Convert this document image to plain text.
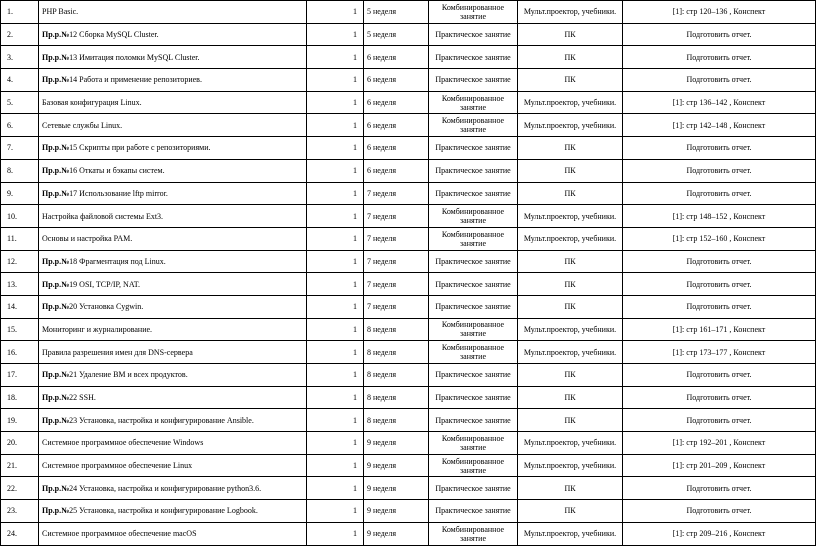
1.	PHP Basic.	1	5 неделя	Комбинированное занятие	Мульт.проектор, учебники.	[1]: стр 120–136 , Конспект
2.	Пр.р.№12 Сборка MySQL Cluster.	1	5 неделя	Практическое занятие	ПК	Подготовить отчет.
3.	Пр.р.№13 Имитация поломки MySQL Cluster.	1	6 неделя	Практическое занятие	ПК	Подготовить отчет.
4.	Пр.р.№14 Работа и применение репозиториев.	1	6 неделя	Практическое занятие	ПК	Подготовить отчет.
5.	Базовая конфигурация Linux.	1	6 неделя	Комбинированное занятие	Мульт.проектор, учебники.	[1]: стр 136–142 , Конспект
6.	Сетевые службы Linux.	1	6 неделя	Комбинированное занятие	Мульт.проектор, учебники.	[1]: стр 142–148 , Конспект
7.	Пр.р.№15 Скрипты при работе с репозиториями.	1	6 неделя	Практическое занятие	ПК	Подготовить отчет.
8.	Пр.р.№16 Откаты и бэкапы систем.	1	6 неделя	Практическое занятие	ПК	Подготовить отчет.
9.	Пр.р.№17 Использование lftp mirror.	1	7 неделя	Практическое занятие	ПК	Подготовить отчет.
10.	Настройка файловой системы Ext3.	1	7 неделя	Комбинированное занятие	Мульт.проектор, учебники.	[1]: стр 148–152 , Конспект
11.	Основы и настройка PAM.	1	7 неделя	Комбинированное занятие	Мульт.проектор, учебники.	[1]: стр 152–160 , Конспект
12.	Пр.р.№18 Фрагментация под Linux.	1	7 неделя	Практическое занятие	ПК	Подготовить отчет.
13.	Пр.р.№19 OSI, TCP/IP, NAT.	1	7 неделя	Практическое занятие	ПК	Подготовить отчет.
14.	Пр.р.№20 Установка Cygwin.	1	7 неделя	Практическое занятие	ПК	Подготовить отчет.
15.	Мониторинг и журналирование.	1	8 неделя	Комбинированное занятие	Мульт.проектор, учебники.	[1]: стр 161–171 , Конспект
16.	Правила разрешения имен для DNS-сервера	1	8 неделя	Комбинированное занятие	Мульт.проектор, учебники.	[1]: стр 173–177 , Конспект
17.	Пр.р.№21 Удаление ВМ и всех продуктов.	1	8 неделя	Практическое занятие	ПК	Подготовить отчет.
18.	Пр.р.№22 SSH.	1	8 неделя	Практическое занятие	ПК	Подготовить отчет.
19.	Пр.р.№23 Установка, настройка и конфигурирование Ansible.	1	8 неделя	Практическое занятие	ПК	Подготовить отчет.
20.	Системное программное обеспечение Windows	1	9 неделя	Комбинированное занятие	Мульт.проектор, учебники.	[1]: стр 192–201 , Конспект
21.	Системное программное обеспечение Linux	1	9 неделя	Комбинированное занятие	Мульт.проектор, учебники.	[1]: стр 201–209 , Конспект
22.	Пр.р.№24 Установка, настройка и конфигурирование python3.6.	1	9 неделя	Практическое занятие	ПК	Подготовить отчет.
23.	Пр.р.№25 Установка, настройка и конфигурирование Logbook.	1	9 неделя	Практическое занятие	ПК	Подготовить отчет.
24.	Системное программное обеспечение macOS	1	9 неделя	Комбинированное занятие	Мульт.проектор, учебники.	[1]: стр 209–216 , Конспект
